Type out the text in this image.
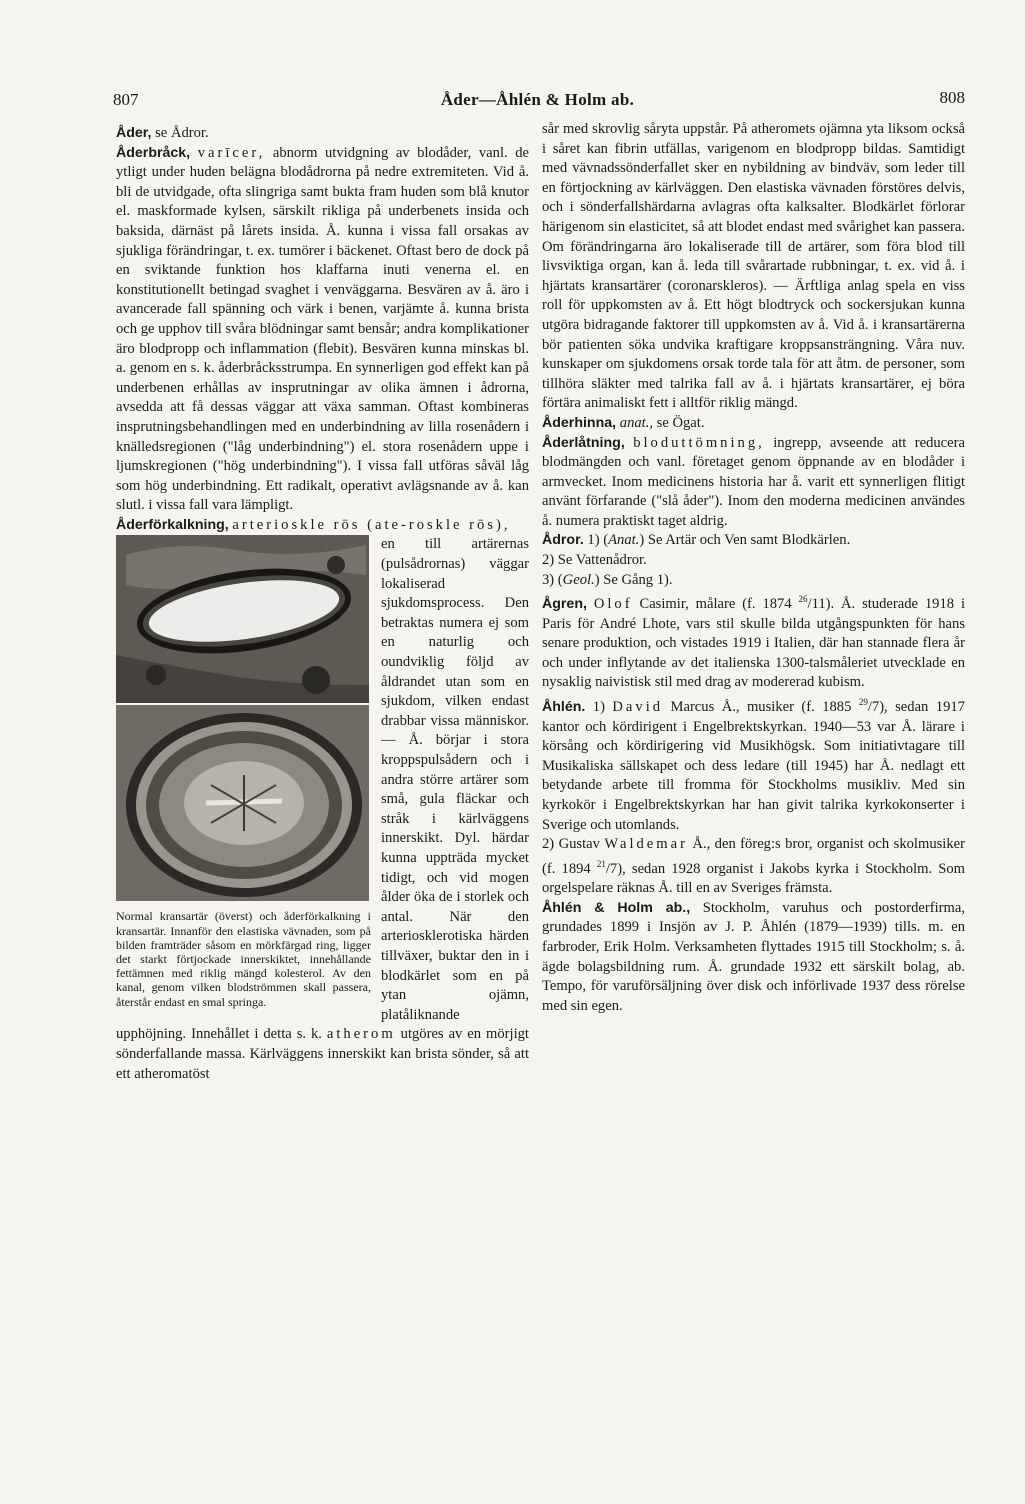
807	Åder—Åhlén & Holm ab.	808

Åder, se Ådror.

Åderbråck, varīcer, abnorm utvidgning av blodåder, vanl. de ytligt under huden belägna blodådrorna på nedre extremiteten. Vid å. bli de utvidgade, ofta slingriga samt bukta fram huden som blå knutor el. maskformade kylsen, särskilt rikliga på underbenets insida och baksida, därnäst på lårets insida. Å. kunna i vissa fall orsakas av sjukliga förändringar, t. ex. tumörer i bäckenet. Oftast bero de dock på en sviktande funktion hos klaffarna inuti venerna el. en konstitutionellt betingad svaghet i venväggarna. Besvären av å. äro i avancerade fall spänning och värk i benen, varjämte å. kunna brista och ge upphov till svåra blödningar samt bensår; andra komplikationer äro blodpropp och inflammation (flebit). Besvären kunna minskas bl. a. genom en s. k. åderbråcksstrumpa. En synnerligen god effekt kan på underbenen erhållas av insprutningar av olika ämnen i ådrorna, avsedda att få dessas väggar att växa samman. Oftast kombineras insprutningsbehandlingen med en underbindning av lilla rosenådern i knälledsregionen ("låg underbindning") el. stora rosenådern uppe i ljumskregionen ("hög underbindning"). I vissa fall utföras såväl låg som hög underbindning. Ett radikalt, operativt avlägsnande av å. kan slutl. i vissa fall vara lämpligt.

Åderförkalkning, arterioskle rōs (ate-roskle rōs),

Normal kransartär (överst) och åderförkalkning i kransartär. Innanför den elastiska vävnaden, som på bilden framträder såsom en mörkfärgad ring, ligger det starkt förtjockade innerskiktet, innehållande fettämnen med riklig mängd kolesterol. Av den kanal, genom vilken blodströmmen skall passera, återstår endast en smal springa.

en till artärernas (pulsådrornas) väggar lokaliserad sjukdomsprocess. Den betraktas numera ej som en naturlig och oundviklig följd av åldrandet utan som en sjukdom, vilken endast drabbar vissa människor. — Å. börjar i stora kroppspulsådern och i andra större artärer som små, gula fläckar och stråk i kärlväggens innerskikt. Dyl. härdar kunna uppträda mycket tidigt, och vid mogen ålder öka de i storlek och antal. När den arteriosklerotiska härden tillväxer, buktar den in i blodkärlet som en på ytan ojämn, platåliknande upphöjning. Innehållet i detta s. k. atherom utgöres av en mörjigt sönderfallande massa. Kärlväggens innerskikt kan brista sönder, så att ett atheromatöst

sår med skrovlig såryta uppstår. På atheromets ojämna yta liksom också i såret kan fibrin utfällas, varigenom en blodpropp bildas. Samtidigt med vävnadssönderfallet sker en nybildning av bindväv, som leder till en förtjockning av kärlväggen. Den elastiska vävnaden förstöres delvis, och i sönderfallshärdarna avlagras ofta kalksalter. Blodkärlet förlorar härigenom sin elasticitet, så att blodet endast med svårighet kan passera. Om förändringarna äro lokaliserade till de artärer, som föra blod till livsviktiga organ, kan å. leda till svårartade rubbningar, t. ex. vid å. i hjärtats kransartärer (coronarskleros). — Ärftliga anlag spela en viss roll för uppkomsten av å. Ett högt blodtryck och sockersjukan kunna utgöra bidragande faktorer till uppkomsten av å. Vid å. i kransartärerna bör patienten söka undvika kraftigare kroppsansträngning. Våra nuv. kunskaper om sjukdomens orsak torde tala för att åtm. de personer, som tillhöra släkter med talrika fall av å. i hjärtats kransartärer, ej böra förtära animaliskt fett i alltför riklig mängd.

Åderhinna, anat., se Ögat.

Åderlåtning, bloduttömning, ingrepp, avseende att reducera blodmängden och vanl. företaget genom öppnande av en blodåder i armvecket. Inom medicinens historia har å. varit ett synnerligen flitigt använt förfarande ("slå åder"). Inom den moderna medicinen användes å. numera praktiskt taget aldrig.

Ådror. 1) (Anat.) Se Artär och Ven samt Blodkärlen.

2) Se Vattenådror.

3) (Geol.) Se Gång 1).

Ågren, Olof Casimir, målare (f. 1874 $^{26}$/11). Å. studerade 1918 i Paris för André Lhote, vars stil skulle bilda utgångspunkten för hans senare produktion, och vistades 1919 i Italien, där han stannade flera år och under inflytande av det italienska 1300-talsmåleriet utvecklade en nysaklig naivistisk stil med drag av modererad kubism.

Åhlén. 1) David Marcus Å., musiker (f. 1885 $^{29}$/7), sedan 1917 kantor och kördirigent i Engelbrektskyrkan. 1940—53 var Å. lärare i körsång och kördirigering vid Musikhögsk. Som initiativtagare till Musikaliska sällskapet och dess ledare (till 1945) har Å. nedlagt ett betydande arbete till fromma för Stockholms musikliv. Med sin kyrkokör i Engelbrektskyrkan har han givit talrika kyrkokonserter i Sverige och utomlands.

2) Gustav Waldemar Å., den föreg:s bror, organist och skolmusiker (f. 1894 $^{21}$/7), sedan 1928 organist i Jakobs kyrka i Stockholm. Som orgelspelare räknas Å. till en av Sveriges främsta.

Åhlén & Holm ab., Stockholm, varuhus och postorderfirma, grundades 1899 i Insjön av J. P. Åhlén (1879—1939) tills. m. en farbroder, Erik Holm. Verksamheten flyttades 1915 till Stockholm; s. å. ägde bolagsbildning rum. Å. grundade 1932 ett särskilt bolag, ab. Tempo, för varuförsäljning över disk och införlivade 1937 dess rörelse med sin egen.
